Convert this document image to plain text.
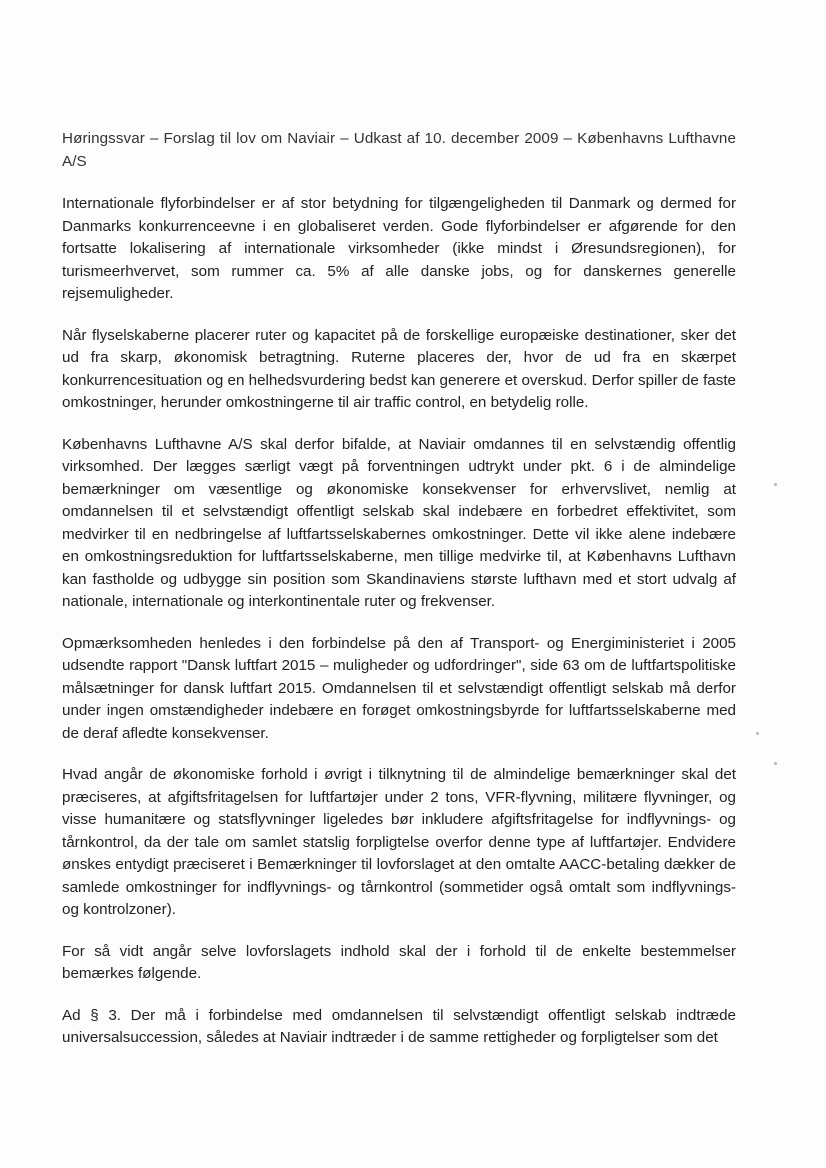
Høringssvar – Forslag til lov om Naviair – Udkast af 10. december 2009 – Københavns Lufthavne A/S

Internationale flyforbindelser er af stor betydning for tilgængeligheden til Danmark og dermed for Danmarks konkurrenceevne i en globaliseret verden. Gode flyforbindelser er afgørende for den fortsatte lokalisering af internationale virksomheder (ikke mindst i Øresundsregionen), for turismeerhvervet, som rummer ca. 5% af alle danske jobs, og for danskernes generelle rejsemuligheder.

Når flyselskaberne placerer ruter og kapacitet på de forskellige europæiske destinationer, sker det ud fra skarp, økonomisk betragtning. Ruterne placeres der, hvor de ud fra en skærpet konkurrencesituation og en helhedsvurdering bedst kan generere et overskud. Derfor spiller de faste omkostninger, herunder omkostningerne til air traffic control, en betydelig rolle.

Københavns Lufthavne A/S skal derfor bifalde, at Naviair omdannes til en selvstændig offentlig virksomhed. Der lægges særligt vægt på forventningen udtrykt under pkt. 6 i de almindelige bemærkninger om væsentlige og økonomiske konsekvenser for erhvervslivet, nemlig at omdannelsen til et selvstændigt offentligt selskab skal indebære en forbedret effektivitet, som medvirker til en nedbringelse af luftfartsselskabernes omkostninger. Dette vil ikke alene indebære en omkostningsreduktion for luftfartsselskaberne, men tillige medvirke til, at Københavns Lufthavn kan fastholde og udbygge sin position som Skandinaviens største lufthavn med et stort udvalg af nationale, internationale og interkontinentale ruter og frekvenser.

Opmærksomheden henledes i den forbindelse på den af Transport- og Energiministeriet i 2005 udsendte rapport "Dansk luftfart 2015 – muligheder og udfordringer", side 63 om de luftfartspolitiske målsætninger for dansk luftfart 2015. Omdannelsen til et selvstændigt offentligt selskab må derfor under ingen omstændigheder indebære en forøget omkostningsbyrde for luftfartsselskaberne med de deraf afledte konsekvenser.

Hvad angår de økonomiske forhold i øvrigt i tilknytning til de almindelige bemærkninger skal det præciseres, at afgiftsfritagelsen for luftfartøjer under 2 tons, VFR-flyvning, militære flyvninger, og visse humanitære og statsflyvninger ligeledes bør inkludere afgiftsfritagelse for indflyvnings- og tårnkontrol, da der tale om samlet statslig forpligtelse overfor denne type af luftfartøjer. Endvidere ønskes entydigt præciseret i Bemærkninger til lovforslaget at den omtalte AACC-betaling dækker de samlede omkostninger for indflyvnings- og tårnkontrol (sommetider også omtalt som indflyvnings- og kontrolzoner).

For så vidt angår selve lovforslagets indhold skal der i forhold til de enkelte bestemmelser bemærkes følgende.

Ad § 3. Der må i forbindelse med omdannelsen til selvstændigt offentligt selskab indtræde universalsuccession, således at Naviair indtræder i de samme rettigheder og forpligtelser som det
